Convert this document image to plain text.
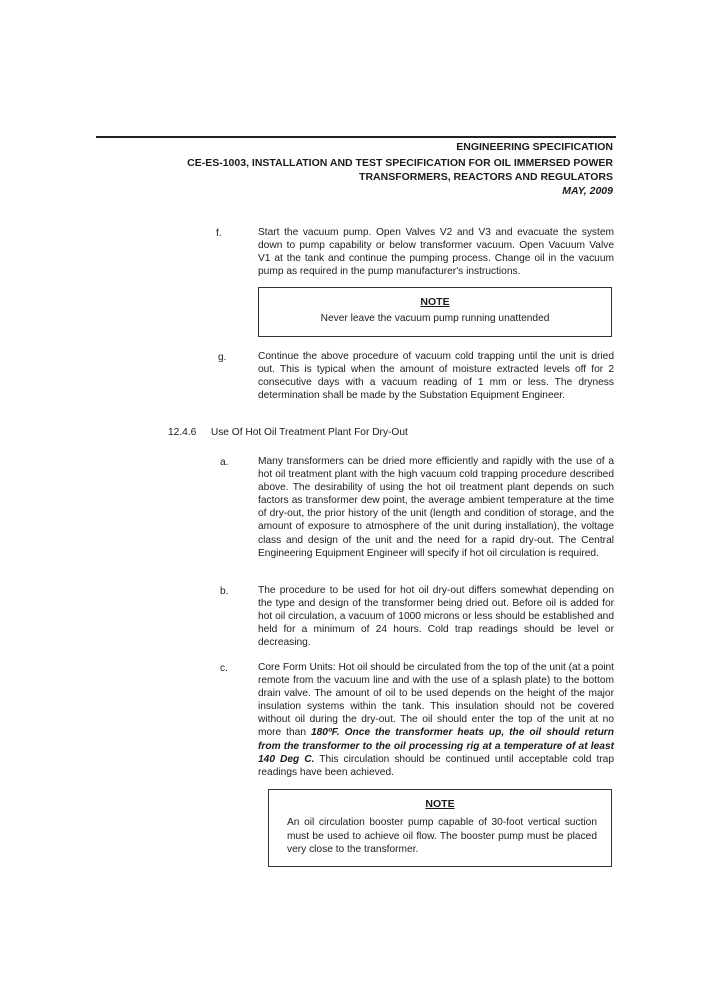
ENGINEERING SPECIFICATION
CE-ES-1003, INSTALLATION AND TEST SPECIFICATION FOR OIL IMMERSED POWER
TRANSFORMERS, REACTORS AND REGULATORS
MAY, 2009
f.	Start the vacuum pump. Open Valves V2 and V3 and evacuate the system down to pump capability or below transformer vacuum. Open Vacuum Valve V1 at the tank and continue the pumping process. Change oil in the vacuum pump as required in the pump manufacturer's instructions.
NOTE
Never leave the vacuum pump running unattended
g.	Continue the above procedure of vacuum cold trapping until the unit is dried out. This is typical when the amount of moisture extracted levels off for 2 consecutive days with a vacuum reading of 1 mm or less. The dryness determination shall be made by the Substation Equipment Engineer.
12.4.6 Use Of Hot Oil Treatment Plant For Dry-Out
a.	Many transformers can be dried more efficiently and rapidly with the use of a hot oil treatment plant with the high vacuum cold trapping procedure described above. The desirability of using the hot oil treatment plant depends on such factors as transformer dew point, the average ambient temperature at the time of dry-out, the prior history of the unit (length and condition of storage, and the amount of exposure to atmosphere of the unit during installation), the voltage class and design of the unit and the need for a rapid dry-out. The Central Engineering Equipment Engineer will specify if hot oil circulation is required.
b.	The procedure to be used for hot oil dry-out differs somewhat depending on the type and design of the transformer being dried out. Before oil is added for hot oil circulation, a vacuum of 1000 microns or less should be established and held for a minimum of 24 hours. Cold trap readings should be level or decreasing.
c.	Core Form Units: Hot oil should be circulated from the top of the unit (at a point remote from the vacuum line and with the use of a splash plate) to the bottom drain valve. The amount of oil to be used depends on the height of the major insulation systems within the tank. This insulation should not be covered without oil during the dry-out. The oil should enter the top of the unit at no more than 180ºF. Once the transformer heats up, the oil should return from the transformer to the oil processing rig at a temperature of at least 140 Deg C. This circulation should be continued until acceptable cold trap readings have been achieved.
NOTE
An oil circulation booster pump capable of 30-foot vertical suction must be used to achieve oil flow. The booster pump must be placed very close to the transformer.
